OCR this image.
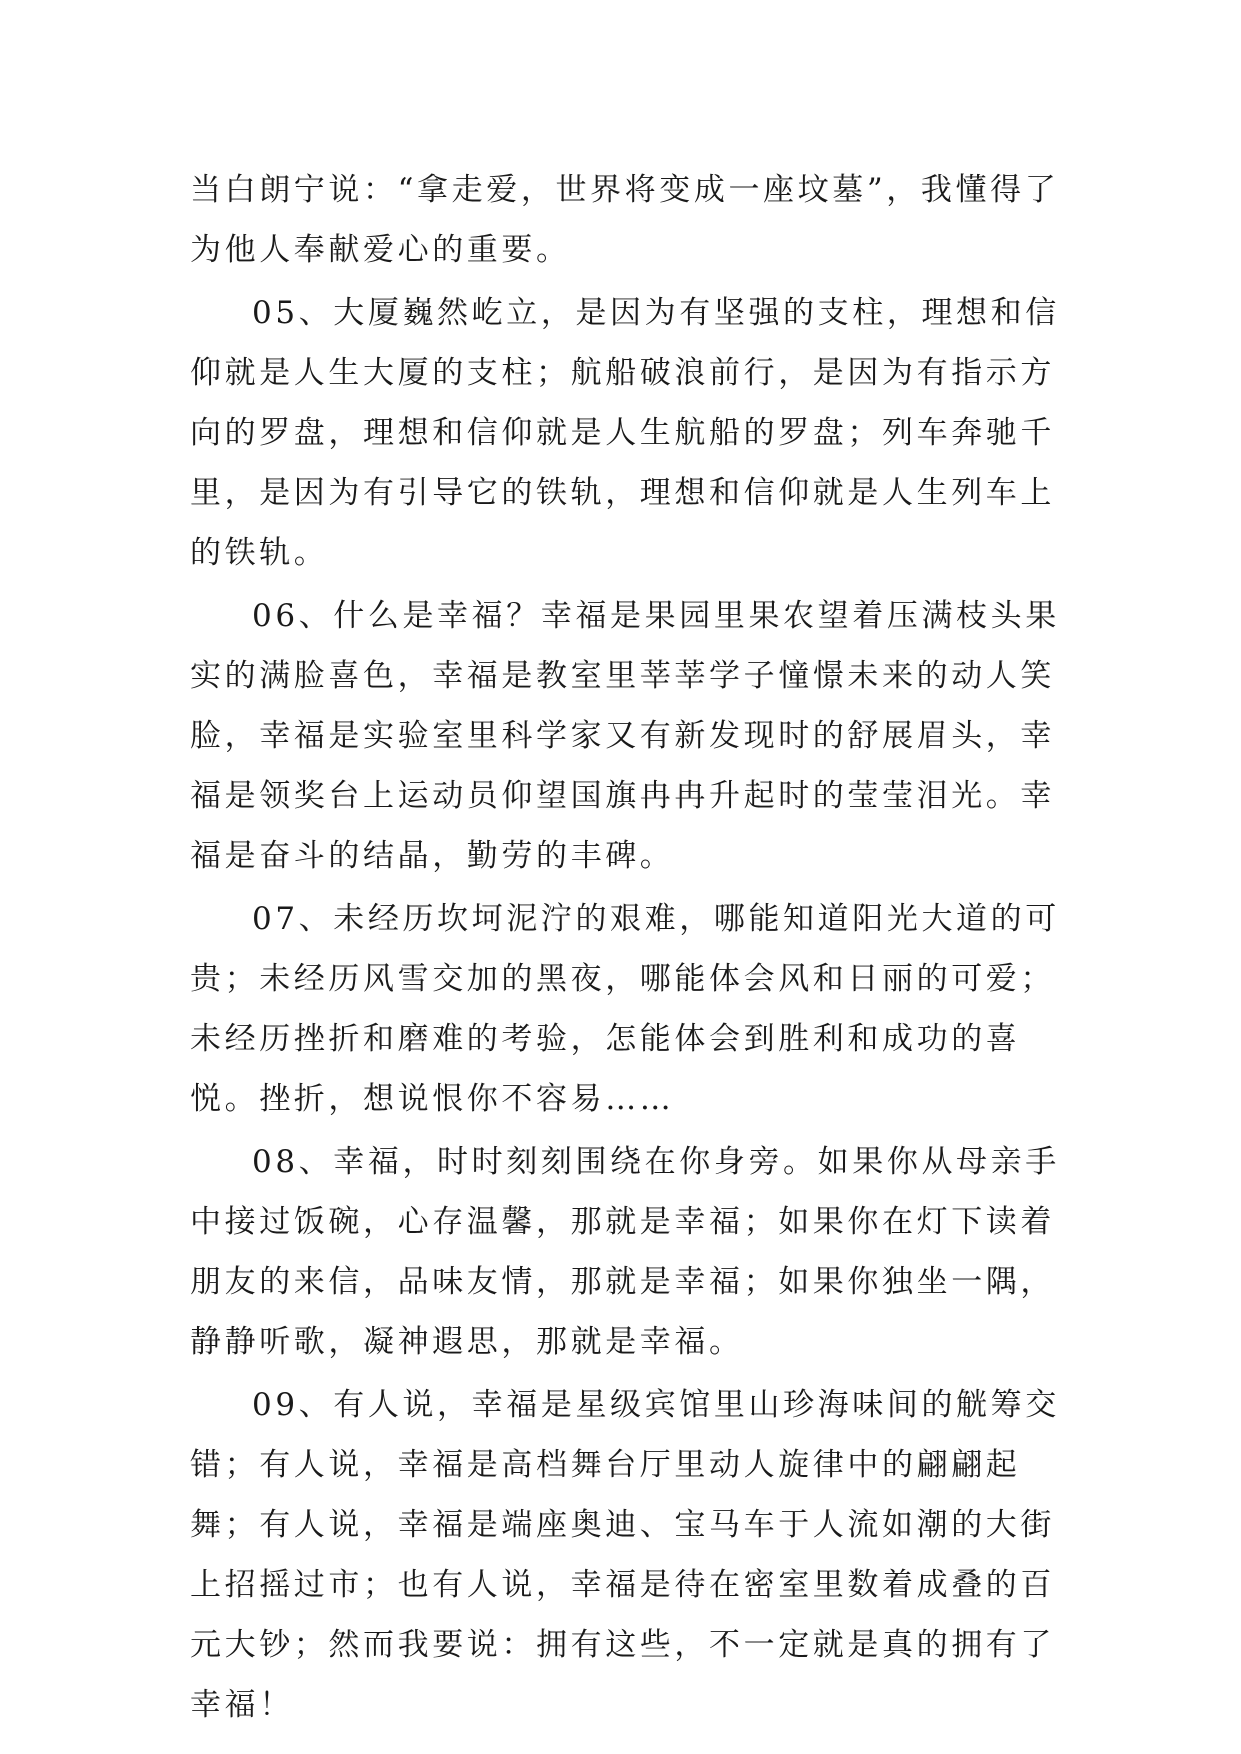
当白朗宁说：“拿走爱，世界将变成一座坟墓”，我懂得了为他人奉献爱心的重要。

05、大厦巍然屹立，是因为有坚强的支柱，理想和信仰就是人生大厦的支柱；航船破浪前行，是因为有指示方向的罗盘，理想和信仰就是人生航船的罗盘；列车奔驰千里，是因为有引导它的铁轨，理想和信仰就是人生列车上的铁轨。

06、什么是幸福？幸福是果园里果农望着压满枝头果实的满脸喜色，幸福是教室里莘莘学子憧憬未来的动人笑脸，幸福是实验室里科学家又有新发现时的舒展眉头，幸福是领奖台上运动员仰望国旗冉冉升起时的莹莹泪光。幸福是奋斗的结晶，勤劳的丰碑。

07、未经历坎坷泥泞的艰难，哪能知道阳光大道的可贵；未经历风雪交加的黑夜，哪能体会风和日丽的可爱；未经历挫折和磨难的考验，怎能体会到胜利和成功的喜悦。挫折，想说恨你不容易……

08、幸福，时时刻刻围绕在你身旁。如果你从母亲手中接过饭碗，心存温馨，那就是幸福；如果你在灯下读着朋友的来信，品味友情，那就是幸福；如果你独坐一隅，静静听歌，凝神遐思，那就是幸福。

09、有人说，幸福是星级宾馆里山珍海味间的觥筹交错；有人说，幸福是高档舞台厅里动人旋律中的翩翩起舞；有人说，幸福是端座奥迪、宝马车于人流如潮的大街上招摇过市；也有人说，幸福是待在密室里数着成叠的百元大钞；然而我要说：拥有这些，不一定就是真的拥有了幸福！
